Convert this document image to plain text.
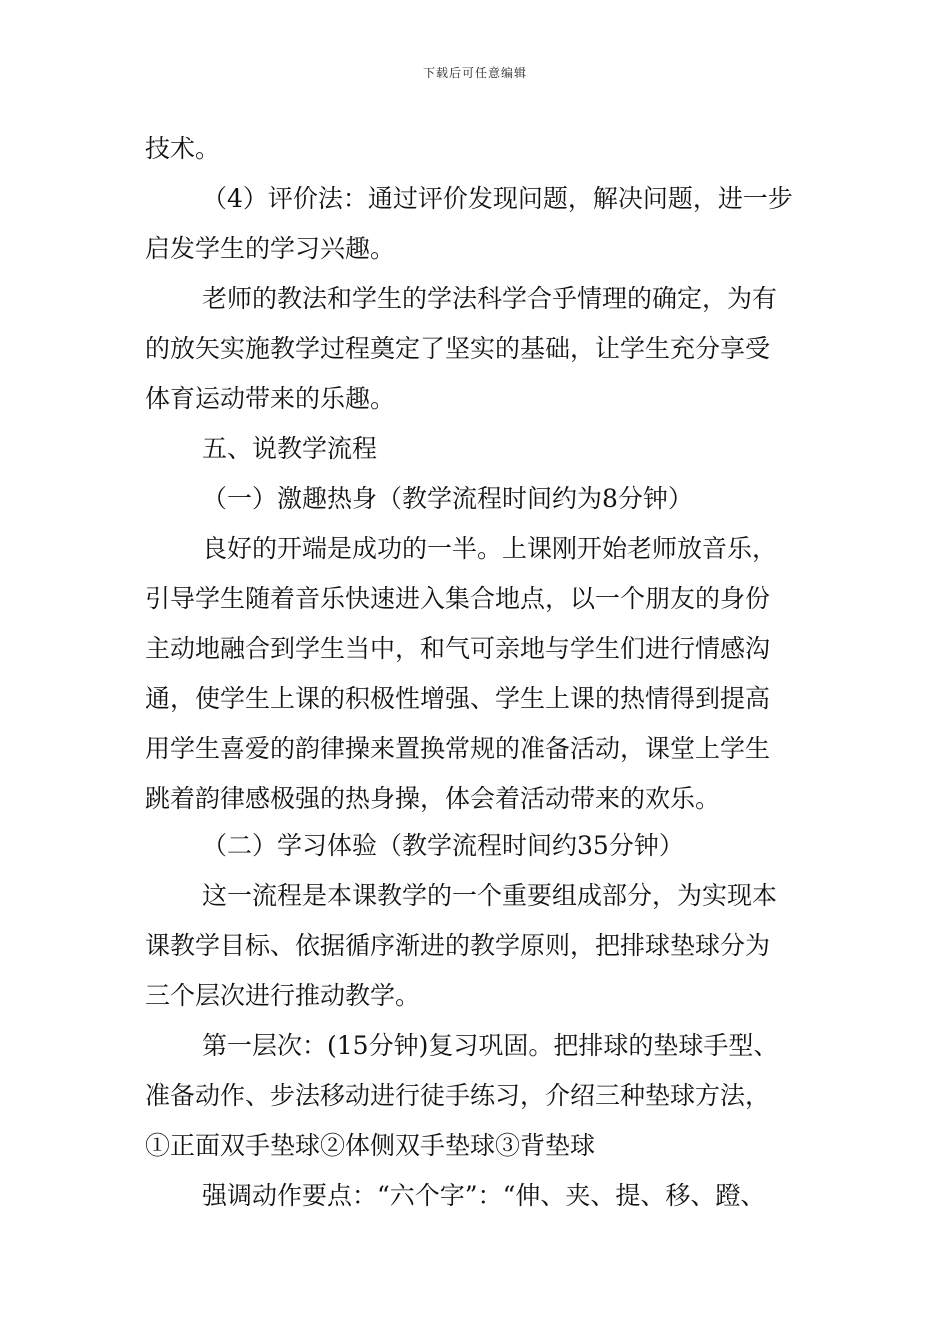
下载后可任意编辑
技术。
（4）评价法：通过评价发现问题，解决问题，进一步
启发学生的学习兴趣。
老师的教法和学生的学法科学合乎情理的确定，为有
的放矢实施教学过程奠定了坚实的基础，让学生充分享受
体育运动带来的乐趣。
五、说教学流程
（一）激趣热身（教学流程时间约为8分钟）
良好的开端是成功的一半。上课刚开始老师放音乐，
引导学生随着音乐快速进入集合地点，以一个朋友的身份
主动地融合到学生当中，和气可亲地与学生们进行情感沟
通，使学生上课的积极性增强、学生上课的热情得到提高
用学生喜爱的韵律操来置换常规的准备活动，课堂上学生
跳着韵律感极强的热身操，体会着活动带来的欢乐。
（二）学习体验（教学流程时间约35分钟）
这一流程是本课教学的一个重要组成部分，为实现本
课教学目标、依据循序渐进的教学原则，把排球垫球分为
三个层次进行推动教学。
第一层次：(15分钟)复习巩固。把排球的垫球手型、
准备动作、步法移动进行徒手练习，介绍三种垫球方法，
①正面双手垫球②体侧双手垫球③背垫球
强调动作要点：“六个字”：“伸、夹、提、移、蹬、
